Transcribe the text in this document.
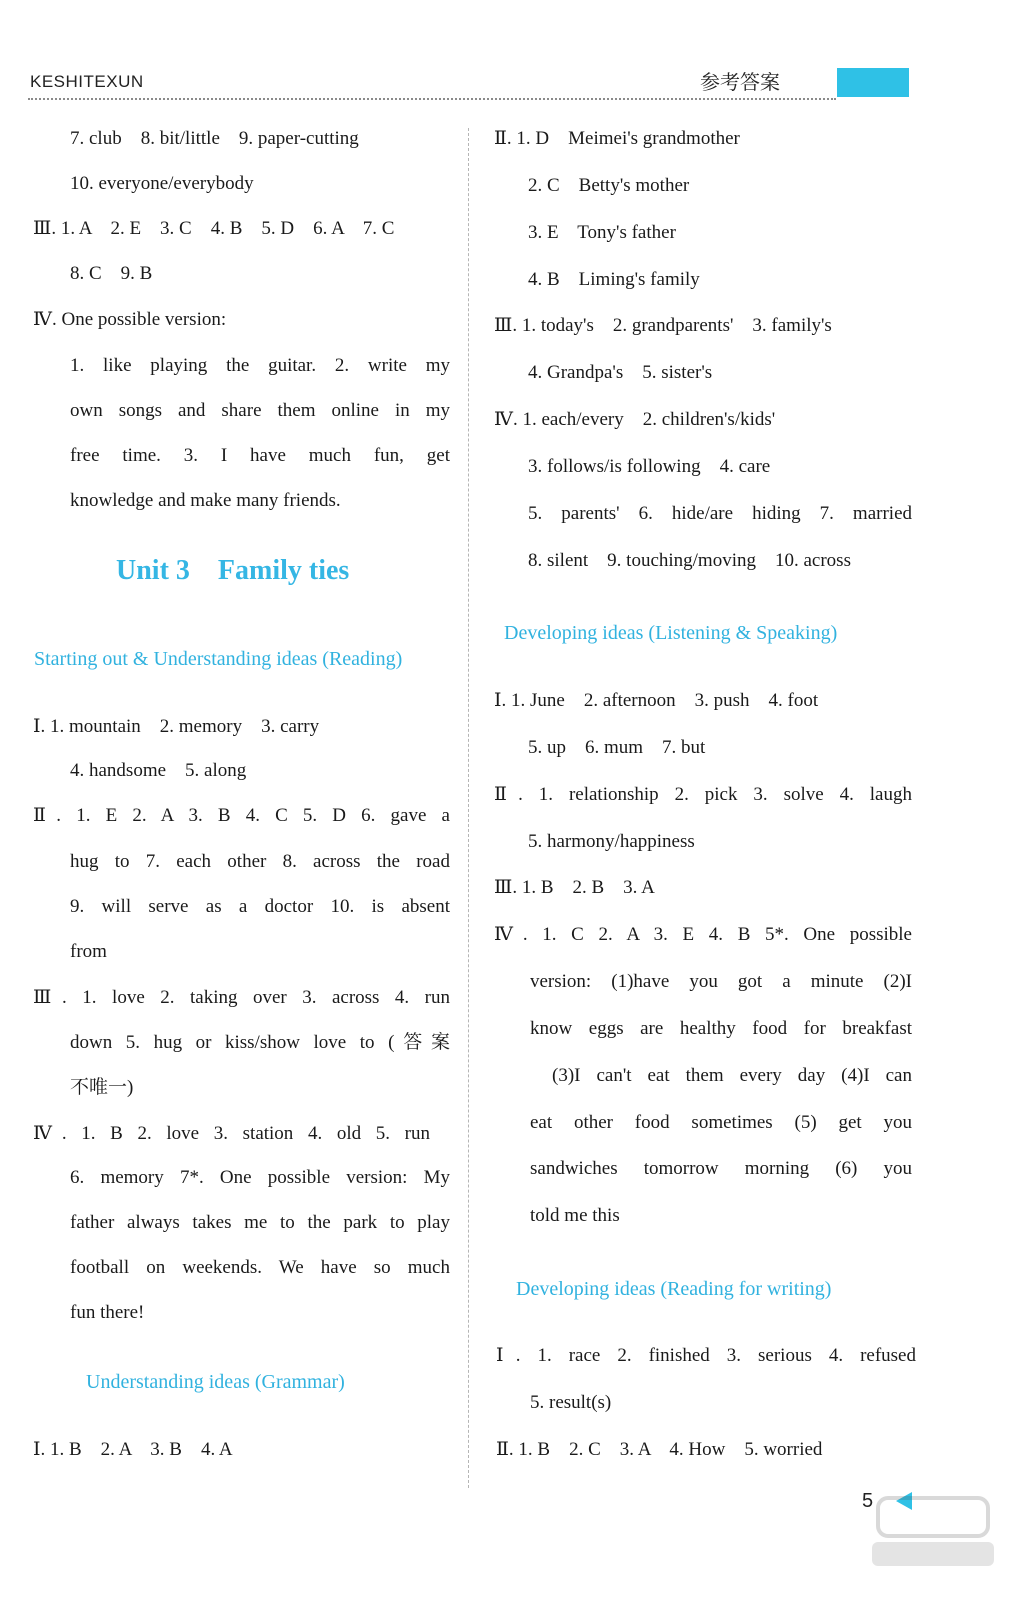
KESHITEXUN	参考答案
7. club    8. bit/little    9. paper-cutting
10. everyone/everybody
Ⅲ. 1. A    2. E    3. C    4. B    5. D    6. A    7. C
8. C    9. B
Ⅳ. One possible version:
1. like playing the guitar. 2. write my
own songs and share them online in my
free time. 3. I have much fun, get
knowledge and make many friends.
Unit 3    Family ties
Starting out & Understanding ideas (Reading)
Ⅰ. 1. mountain    2. memory    3. carry
4. handsome    5. along
Ⅱ. 1. E 2. A 3. B 4. C 5. D 6. gave a
hug to 7. each other 8. across the road
9. will serve as a doctor 10. is absent
from
Ⅲ. 1. love 2. taking over 3. across 4. run
down 5. hug or kiss/show love to (答案
不唯一)
Ⅳ. 1. B 2. love 3. station 4. old 5. run
6. memory 7*. One possible version: My
father always takes me to the park to play
football on weekends. We have so much
fun there!
Understanding ideas (Grammar)
Ⅰ. 1. B    2. A    3. B    4. A
Ⅱ. 1. D    Meimei's grandmother
2. C    Betty's mother
3. E    Tony's father
4. B    Liming's family
Ⅲ. 1. today's    2. grandparents'    3. family's
4. Grandpa's    5. sister's
Ⅳ. 1. each/every    2. children's/kids'
3. follows/is following    4. care
5. parents' 6. hide/are hiding 7. married
8. silent    9. touching/moving    10. across
Developing ideas (Listening & Speaking)
Ⅰ. 1. June    2. afternoon    3. push    4. foot
5. up    6. mum    7. but
Ⅱ. 1. relationship 2. pick 3. solve 4. laugh
5. harmony/happiness
Ⅲ. 1. B    2. B    3. A
Ⅳ. 1. C 2. A 3. E 4. B 5*. One possible
version: (1)have you got a minute (2)I
know eggs are healthy food for breakfast
(3)I can't eat them every day (4)I can
eat other food sometimes (5) get you
sandwiches tomorrow morning (6) you
told me this
Developing ideas (Reading for writing)
Ⅰ. 1. race 2. finished 3. serious 4. refused
5. result(s)
Ⅱ. 1. B    2. C    3. A    4. How    5. worried
5
